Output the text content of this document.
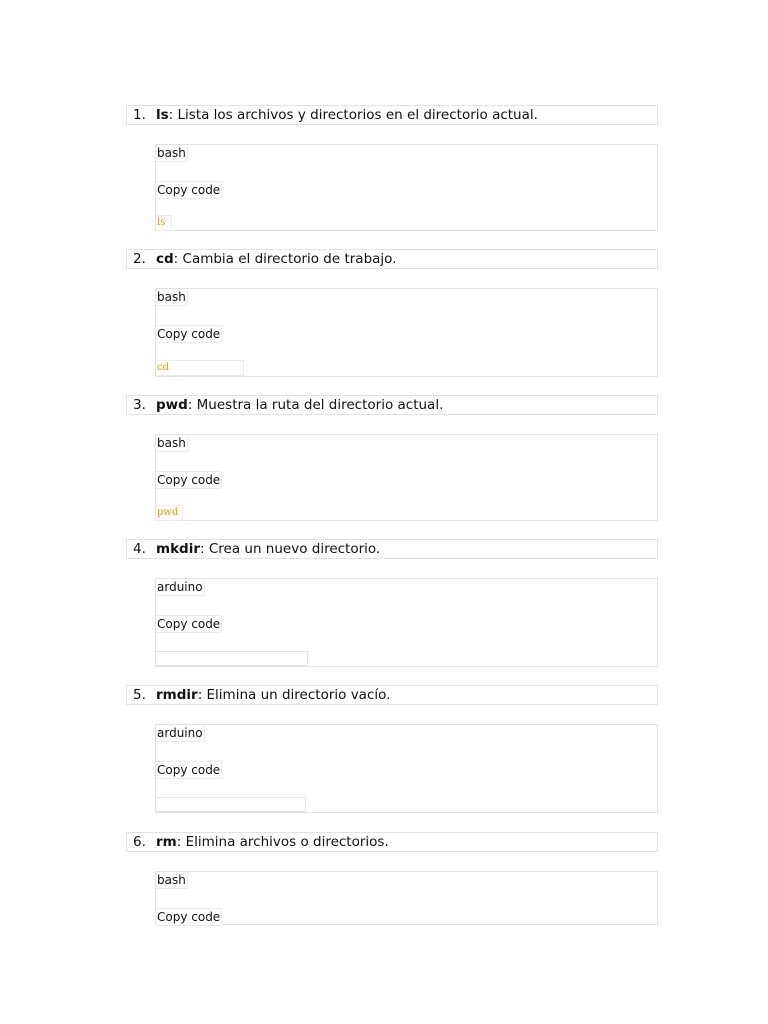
1. ls: Lista los archivos y directorios en el directorio actual.
bash
Copy code
ls
2. cd: Cambia el directorio de trabajo.
bash
Copy code
cd
3. pwd: Muestra la ruta del directorio actual.
bash
Copy code
pwd
4. mkdir: Crea un nuevo directorio.
arduino
Copy code
5. rmdir: Elimina un directorio vacío.
arduino
Copy code
6. rm: Elimina archivos o directorios.
bash
Copy code
